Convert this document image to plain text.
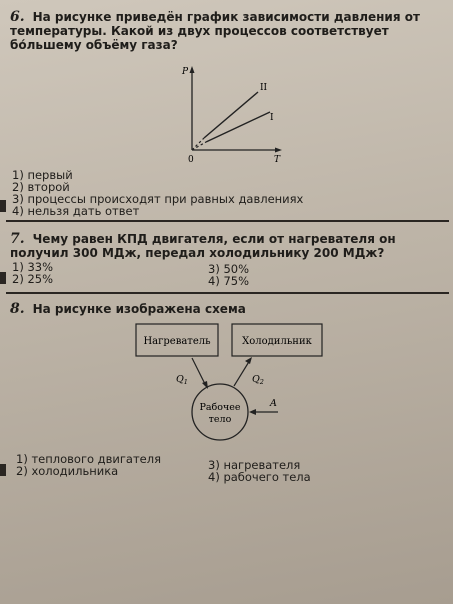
6. На рисунке приведён график зависимости давления от температуры. Какой из двух процессов соответствует бо́льшему объёму газа?
P
T
0
II
I
1) первый
2) второй
3) процессы происходят при равных давлениях
4) нельзя дать ответ
7. Чему равен КПД двигателя, если от нагревателя он получил 300 МДж, передал холодильнику 200 МДж?
1) 33%
2) 25%
3) 50%
4) 75%
8. На рисунке изображена схема
Нагреватель	Холодильник
Рабочее
тело
$Q_1$	$Q_2$
A
1) теплового двигателя
2) холодильника	3) нагревателя
4) рабочего тела
